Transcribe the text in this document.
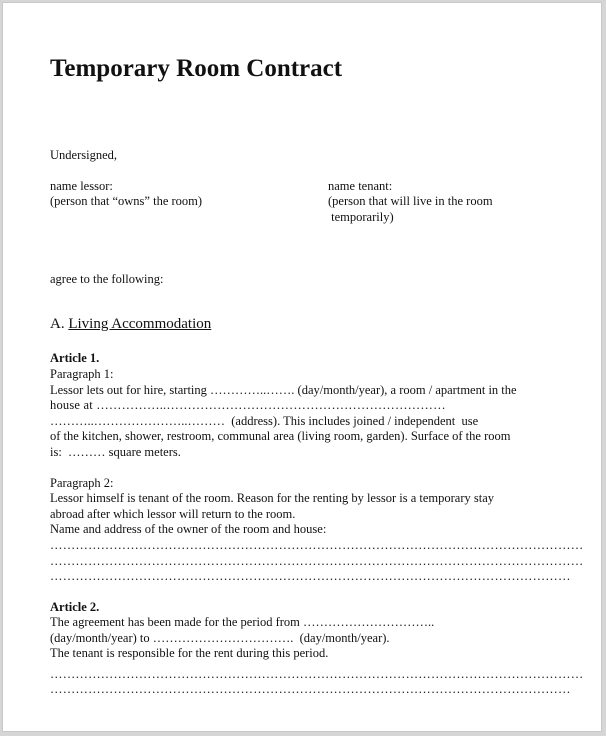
Temporary Room Contract
Undersigned,
name lessor:
(person that “owns” the room)
name tenant:
(person that will live in the room
temporarily)
agree to the following:
A. Living Accommodation
Article 1.
Paragraph 1:
Lessor lets out for hire, starting …………..……. (day/month/year), a room / apartment in the
house at ……………..…………………………………………………………
………..…………………..………  (address). This includes joined / independent  use
of the kitchen, shower, restroom, communal area (living room, garden). Surface of the room
is:  ……… square meters.
Paragraph 2:
Lessor himself is tenant of the room. Reason for the renting by lessor is a temporary stay
abroad after which lessor will return to the room.
Name and address of the owner of the room and house:
………………………………………………………………………………………………………………
………………………………………………………………………………………………………………
……………………………………………………………………………………………………………
Article 2.
The agreement has been made for the period from …………………………..
(day/month/year) to …………………………….  (day/month/year).
The tenant is responsible for the rent during this period.
………………………………………………………………………………………………………………
……………………………………………………………………………………………………………
